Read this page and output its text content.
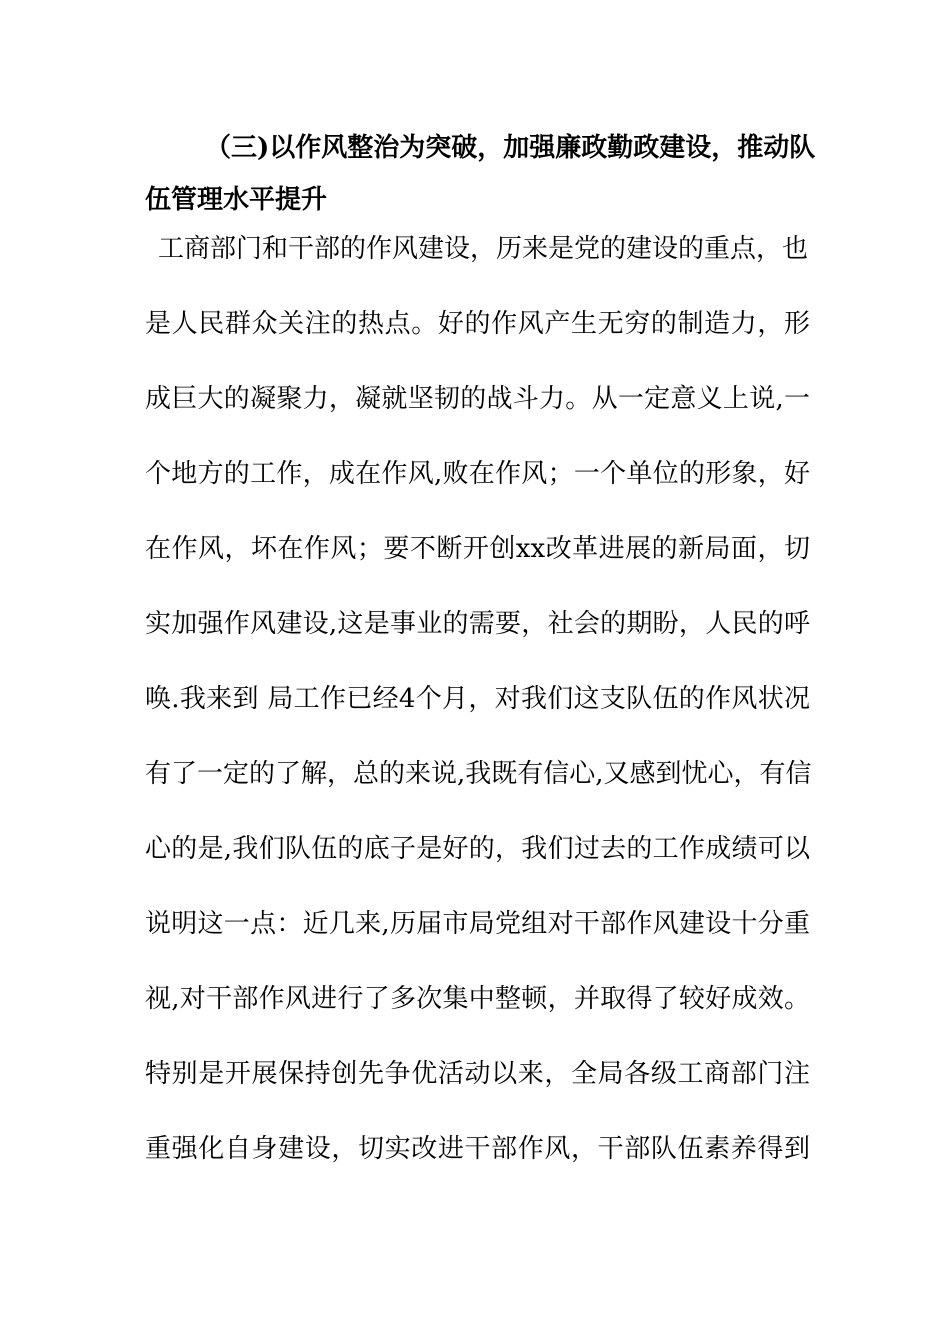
（三)以作风整治为突破，加强廉政勤政建设，推动队

伍管理水平提升

工商部门和干部的作风建设，历来是党的建设的重点，也

是人民群众关注的热点。好的作风产生无穷的制造力，形

成巨大的凝聚力，凝就坚韧的战斗力。从一定意义上说,一

个地方的工作，成在作风,败在作风；一个单位的形象，好

在作风，坏在作风；要不断开创xx改革进展的新局面，切

实加强作风建设,这是事业的需要，社会的期盼，人民的呼

唤.我来到 局工作已经4个月，对我们这支队伍的作风状况

有了一定的了解，总的来说,我既有信心,又感到忧心，有信

心的是,我们队伍的底子是好的，我们过去的工作成绩可以

说明这一点：近几来,历届市局党组对干部作风建设十分重

视,对干部作风进行了多次集中整顿，并取得了较好成效。

特别是开展保持创先争优活动以来，全局各级工商部门注

重强化自身建设，切实改进干部作风，干部队伍素养得到
